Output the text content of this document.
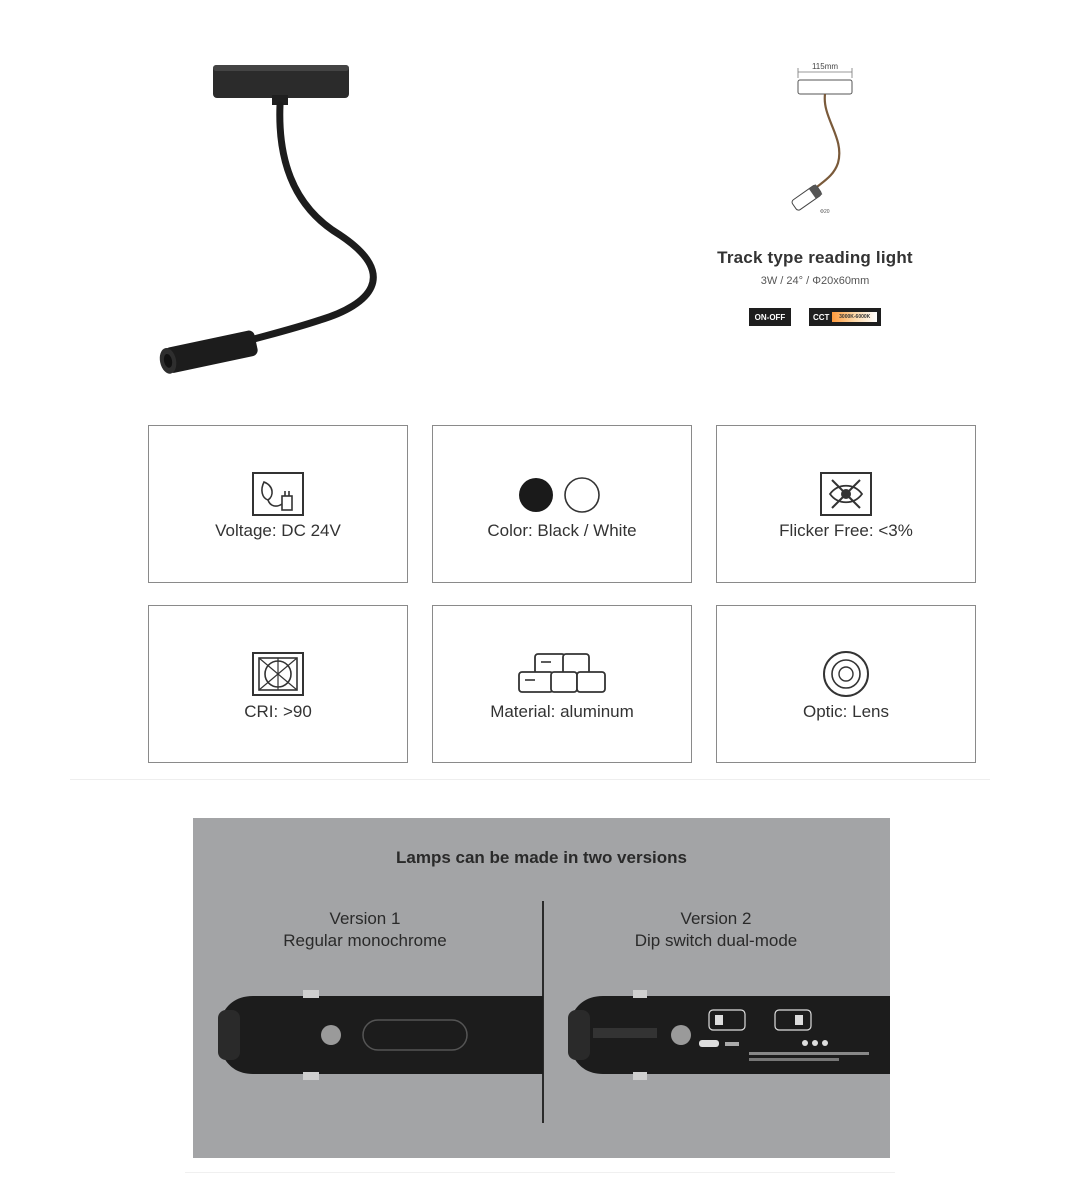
Φ20
115mm
Track type reading light
3W / 24° / Φ20x60mm
ON-OFF	CCT	3000K-6000K
Voltage: DC 24V	Color: Black / White	Flicker Free: <3%
CRI: >90	Material: aluminum	Optic: Lens
Lamps can be made in two versions
Version 1
Regular monochrome
Version 2
Dip switch dual-mode
